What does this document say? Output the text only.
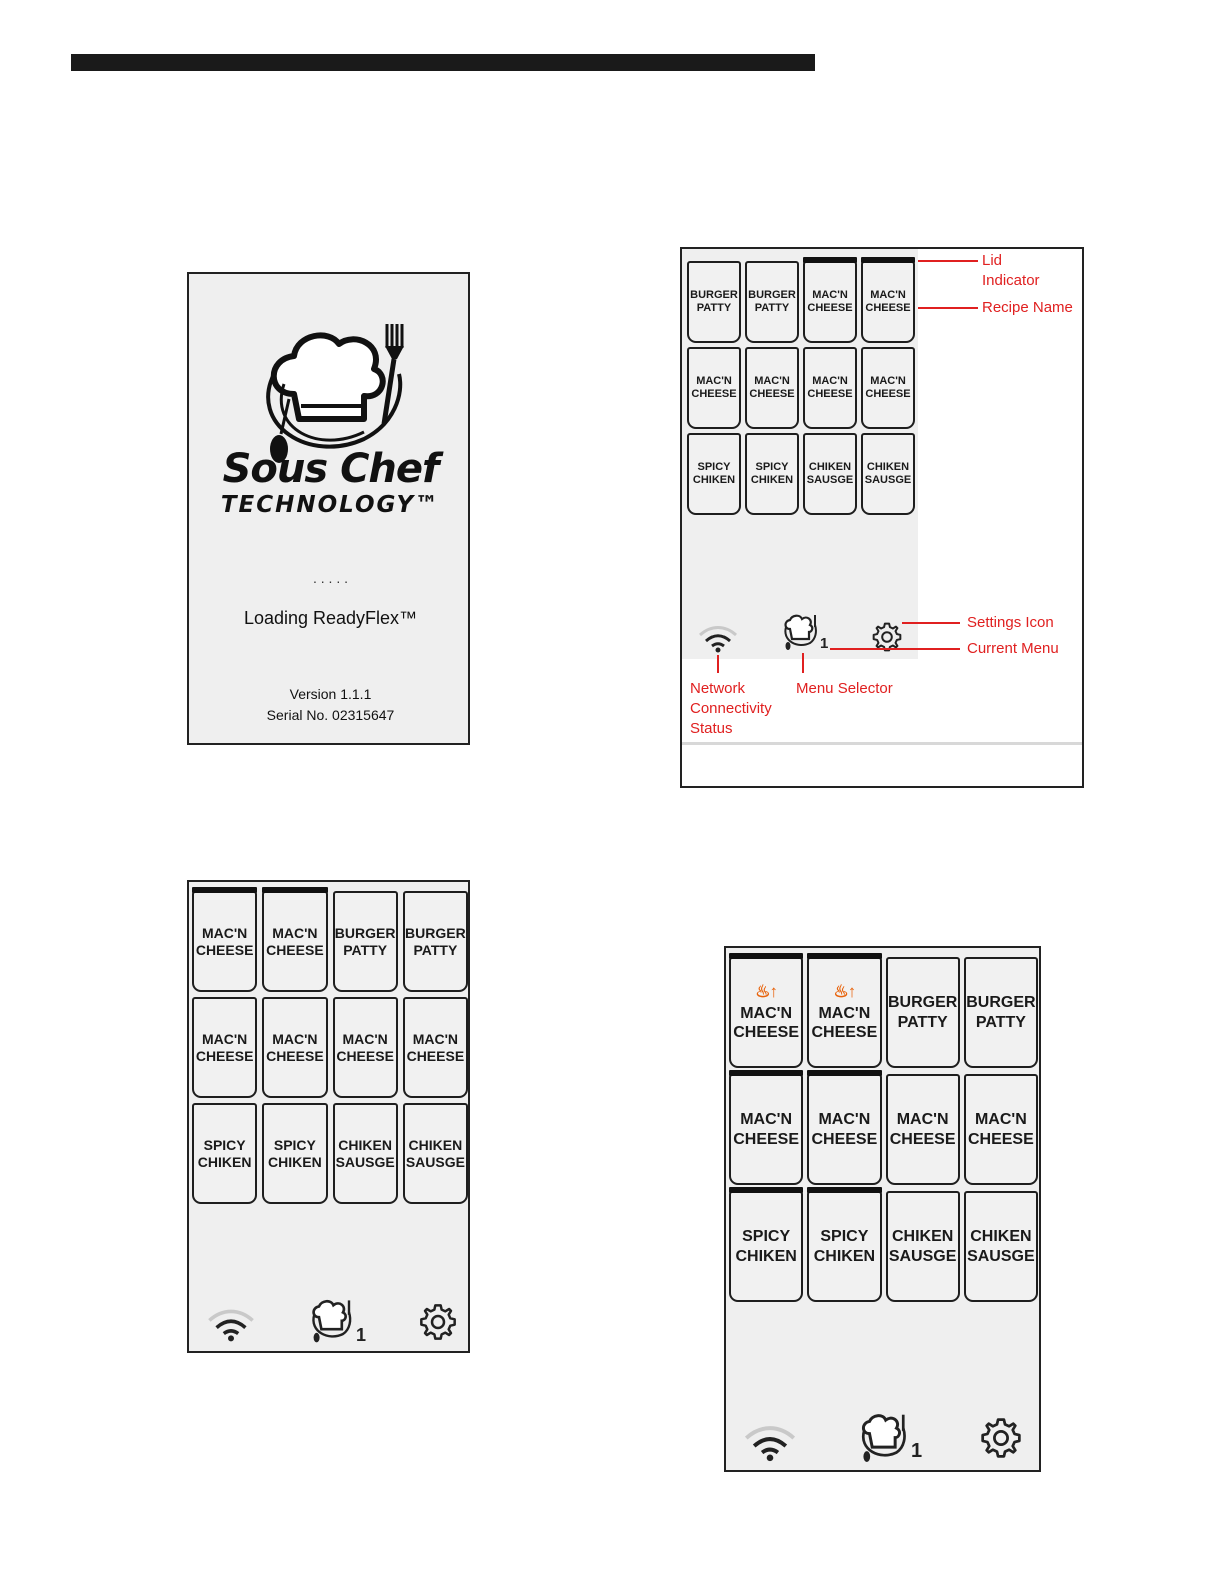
Sous Chef
TECHNOLOGY™
. . . . .
Loading ReadyFlex™
Version 1.1.1
Serial No. 02315647
BURGER
PATTY
BURGER
PATTY
MAC'N
CHEESE
MAC'N
CHEESE
MAC'N
CHEESE
MAC'N
CHEESE
MAC'N
CHEESE
MAC'N
CHEESE
SPICY
CHIKEN
SPICY
CHIKEN
CHIKEN
SAUSGE
CHIKEN
SAUSGE
1
Lid
Indicator
Recipe Name
Settings Icon
Current Menu
Network
Connectivity
Status
Menu Selector
MAC'N
CHEESE
MAC'N
CHEESE
BURGER
PATTY
BURGER
PATTY
MAC'N
CHEESE
MAC'N
CHEESE
MAC'N
CHEESE
MAC'N
CHEESE
SPICY
CHIKEN
SPICY
CHIKEN
CHIKEN
SAUSGE
CHIKEN
SAUSGE
1
♨↑
MAC'N
CHEESE
♨↑
MAC'N
CHEESE
BURGER
PATTY
BURGER
PATTY
MAC'N
CHEESE
MAC'N
CHEESE
MAC'N
CHEESE
MAC'N
CHEESE
SPICY
CHIKEN
SPICY
CHIKEN
CHIKEN
SAUSGE
CHIKEN
SAUSGE
1
